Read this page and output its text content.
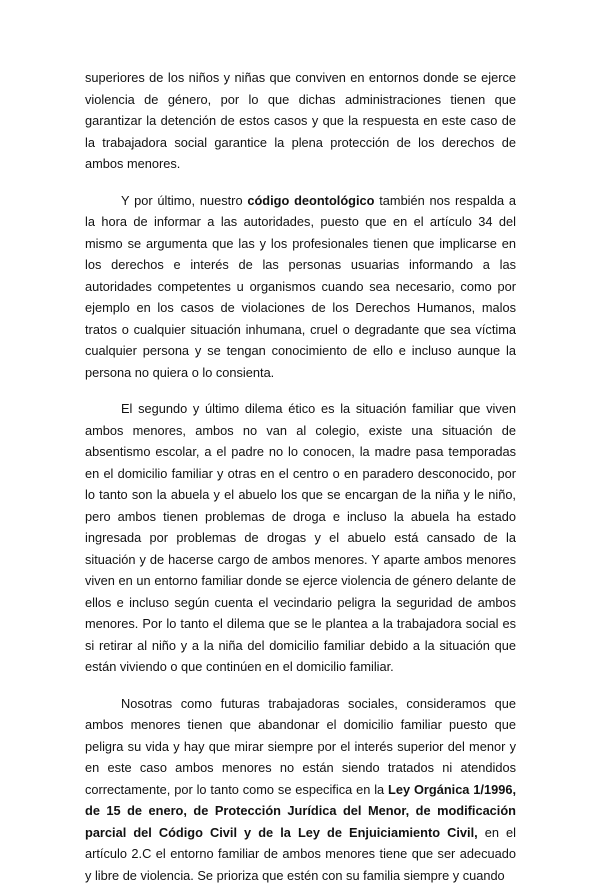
superiores de los niños y niñas que conviven en entornos donde se ejerce violencia de género, por lo que dichas administraciones tienen que garantizar la detención de estos casos y que la respuesta en este caso de la trabajadora social garantice la plena protección de los derechos de ambos menores.

Y por último, nuestro código deontológico también nos respalda a la hora de informar a las autoridades, puesto que en el artículo 34 del mismo se argumenta que las y los profesionales tienen que implicarse en los derechos e interés de las personas usuarias informando a las autoridades competentes u organismos cuando sea necesario, como por ejemplo en los casos de violaciones de los Derechos Humanos, malos tratos o cualquier situación inhumana, cruel o degradante que sea víctima cualquier persona y se tengan conocimiento de ello e incluso aunque la persona no quiera o lo consienta.

El segundo y último dilema ético es la situación familiar que viven ambos menores, ambos no van al colegio, existe una situación de absentismo escolar, a el padre no lo conocen, la madre pasa temporadas en el domicilio familiar y otras en el centro o en paradero desconocido, por lo tanto son la abuela y el abuelo los que se encargan de la niña y le niño, pero ambos tienen problemas de droga e incluso la abuela ha estado ingresada por problemas de drogas y el abuelo está cansado de la situación y de hacerse cargo de ambos menores. Y aparte ambos menores viven en un entorno familiar donde se ejerce violencia de género delante de ellos e incluso según cuenta el vecindario peligra la seguridad de ambos menores. Por lo tanto el dilema que se le plantea a la trabajadora social es si retirar al niño y a la niña del domicilio familiar debido a la situación que están viviendo o que continúen en el domicilio familiar.

Nosotras como futuras trabajadoras sociales, consideramos que ambos menores tienen que abandonar el domicilio familiar puesto que peligra su vida y hay que mirar siempre por el interés superior del menor y en este caso ambos menores no están siendo tratados ni atendidos correctamente, por lo tanto como se especifica en la Ley Orgánica 1/1996, de 15 de enero, de Protección Jurídica del Menor, de modificación parcial del Código Civil y de la Ley de Enjuiciamiento Civil, en el artículo 2.C el entorno familiar de ambos menores tiene que ser adecuado y libre de violencia. Se prioriza que estén con su familia siempre y cuando
